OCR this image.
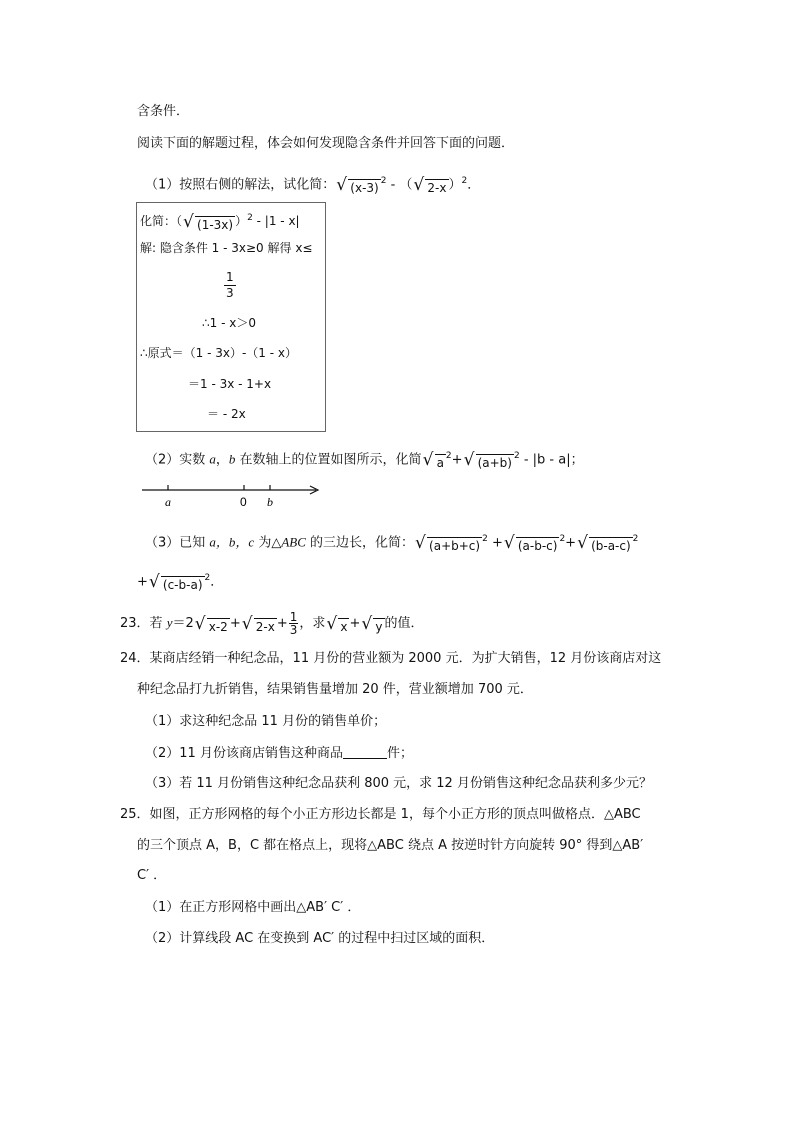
含条件．
阅读下面的解题过程，体会如何发现隐含条件并回答下面的问题．
（1）按照右侧的解法，试化简：√ $(x-3)^2$ - （√ 2-x ）$^2$．
化简：（√ (1-3x) ）$^2$ - |1 - x|
解: 隐含条件 1 - 3x≥0 解得 x≤
$\frac{1}{3}$
∴1 - x＞0
∴原式＝（1 - 3x）-（1 - x）
＝1 - 3x - 1+x
＝ - 2x
（2）实数 a，b 在数轴上的位置如图所示，化简√ $a^2+√$ $(a+b)^2 - |b - a|$；
a	0 b
（3）已知 a，b，c 为△ABC 的三边长，化简：√ $(a+b+c)^2$ +√ $(a-b-c)^2+√$ $(b-a-c)^2$
+√ $(c-b-a)^2$．
23．若 y＝2√ x-2 +√ $2-x + \frac{1}{3}$ ，求√ x +√ y 的值．
24．某商店经销一种纪念品，11 月份的营业额为 2000 元．为扩大销售，12 月份该商店对这
种纪念品打九折销售，结果销售量增加 20 件，营业额增加 700 元．
（1）求这种纪念品 11 月份的销售单价；
（2）11 月份该商店销售这种商品	件；
（3）若 11 月份销售这种纪念品获利 800 元，求 12 月份销售这种纪念品获利多少元？
25．如图，正方形网格的每个小正方形边长都是 1，每个小正方形的顶点叫做格点．△ABC
的三个顶点 A，B，C 都在格点上，现将△ABC 绕点 A 按逆时针方向旋转 90° 得到△AB′
C′ ．
（1）在正方形网格中画出△AB′ C′ ．
（2）计算线段 AC 在变换到 AC′ 的过程中扫过区域的面积．
